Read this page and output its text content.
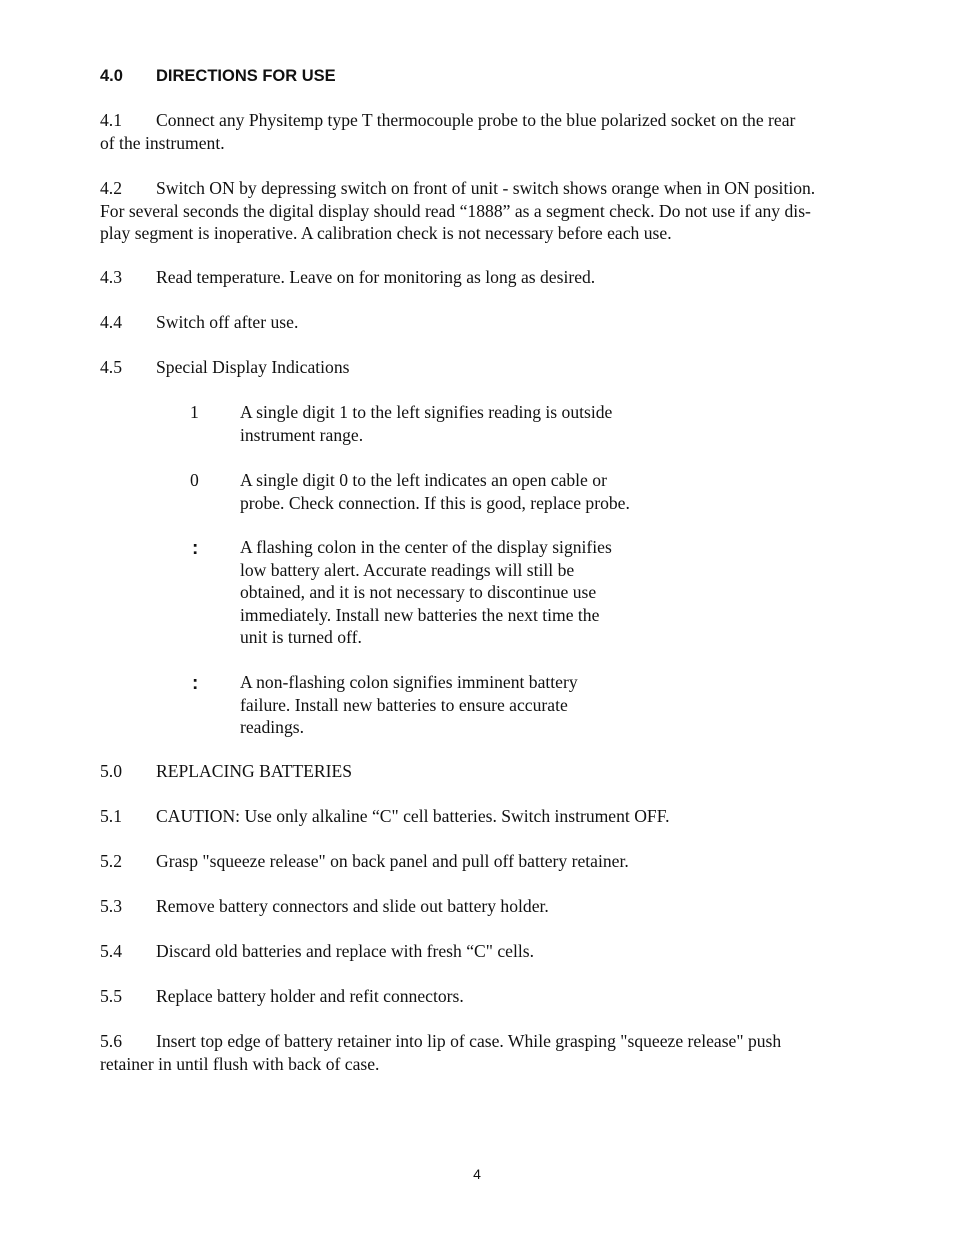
4.0 DIRECTIONS FOR USE
4.1 Connect any Physitemp type T thermocouple probe to the blue polarized socket on the rear
of the instrument.
4.2 Switch ON by depressing switch on front of unit - switch shows orange when in ON position.
For several seconds the digital display should read “1888” as a segment check. Do not use if any dis-
play segment is inoperative. A calibration check is not necessary before each use.
4.3 Read temperature. Leave on for monitoring as long as desired.
4.4 Switch off after use.
4.5 Special Display Indications
1	A single digit 1 to the left signifies reading is outside
instrument range.
0	A single digit 0 to the left indicates an open cable or
probe. Check connection. If this is good, replace probe.
:	A flashing colon in the center of the display signifies
low battery alert. Accurate readings will still be
obtained, and it is not necessary to discontinue use
immediately. Install new batteries the next time the
unit is turned off.
:	A non-flashing colon signifies imminent battery
failure. Install new batteries to ensure accurate
readings.
5.0 REPLACING BATTERIES
5.1 CAUTION: Use only alkaline “C" cell batteries. Switch instrument OFF.
5.2 Grasp "squeeze release" on back panel and pull off battery retainer.
5.3 Remove battery connectors and slide out battery holder.
5.4 Discard old batteries and replace with fresh “C" cells.
5.5 Replace battery holder and refit connectors.
5.6 Insert top edge of battery retainer into lip of case. While grasping "squeeze release" push
retainer in until flush with back of case.
4
